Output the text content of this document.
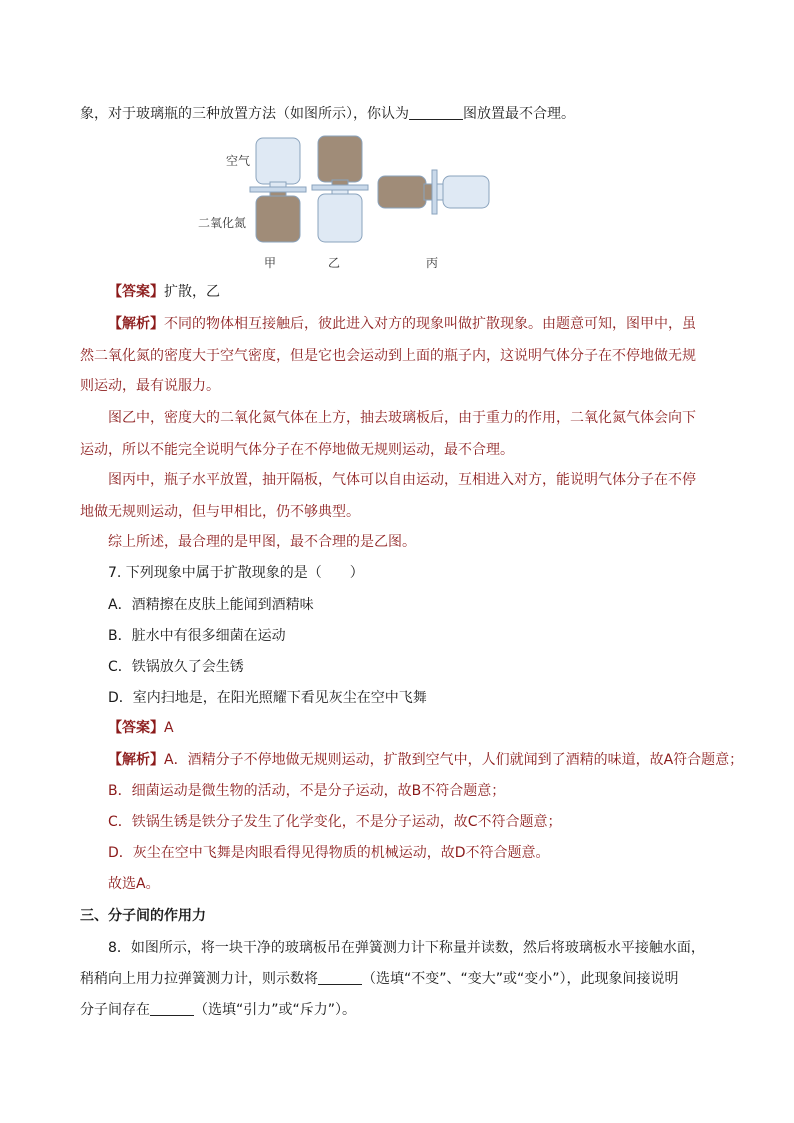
象，对于玻璃瓶的三种放置方法（如图所示），你认为	图放置最不合理。
空气
二氧化氮
甲	乙	丙
【答案】扩散，乙
【解析】不同的物体相互接触后，彼此进入对方的现象叫做扩散现象。由题意可知，图甲中，虽
然二氧化氮的密度大于空气密度，但是它也会运动到上面的瓶子内，这说明气体分子在不停地做无规
则运动，最有说服力。
图乙中，密度大的二氧化氮气体在上方，抽去玻璃板后，由于重力的作用，二氧化氮气体会向下
运动，所以不能完全说明气体分子在不停地做无规则运动，最不合理。
图丙中，瓶子水平放置，抽开隔板，气体可以自由运动，互相进入对方，能说明气体分子在不停
地做无规则运动，但与甲相比，仍不够典型。
综上所述，最合理的是甲图，最不合理的是乙图。
7. 下列现象中属于扩散现象的是（　　）
A．酒精擦在皮肤上能闻到酒精味
B．脏水中有很多细菌在运动
C．铁锅放久了会生锈
D．室内扫地是，在阳光照耀下看见灰尘在空中飞舞
【答案】A
【解析】A．酒精分子不停地做无规则运动，扩散到空气中，人们就闻到了酒精的味道，故A符合题意；
B．细菌运动是微生物的活动，不是分子运动，故B不符合题意；
C．铁锅生锈是铁分子发生了化学变化，不是分子运动，故C不符合题意；
D．灰尘在空中飞舞是肉眼看得见得物质的机械运动，故D不符合题意。
故选A。
三、分子间的作用力
8．如图所示，将一块干净的玻璃板吊在弹簧测力计下称量并读数，然后将玻璃板水平接触水面，
稍稍向上用力拉弹簧测力计，则示数将	（选填“不变”、“变大”或“变小”），此现象间接说明
分子间存在	（选填“引力”或“斥力”）。
